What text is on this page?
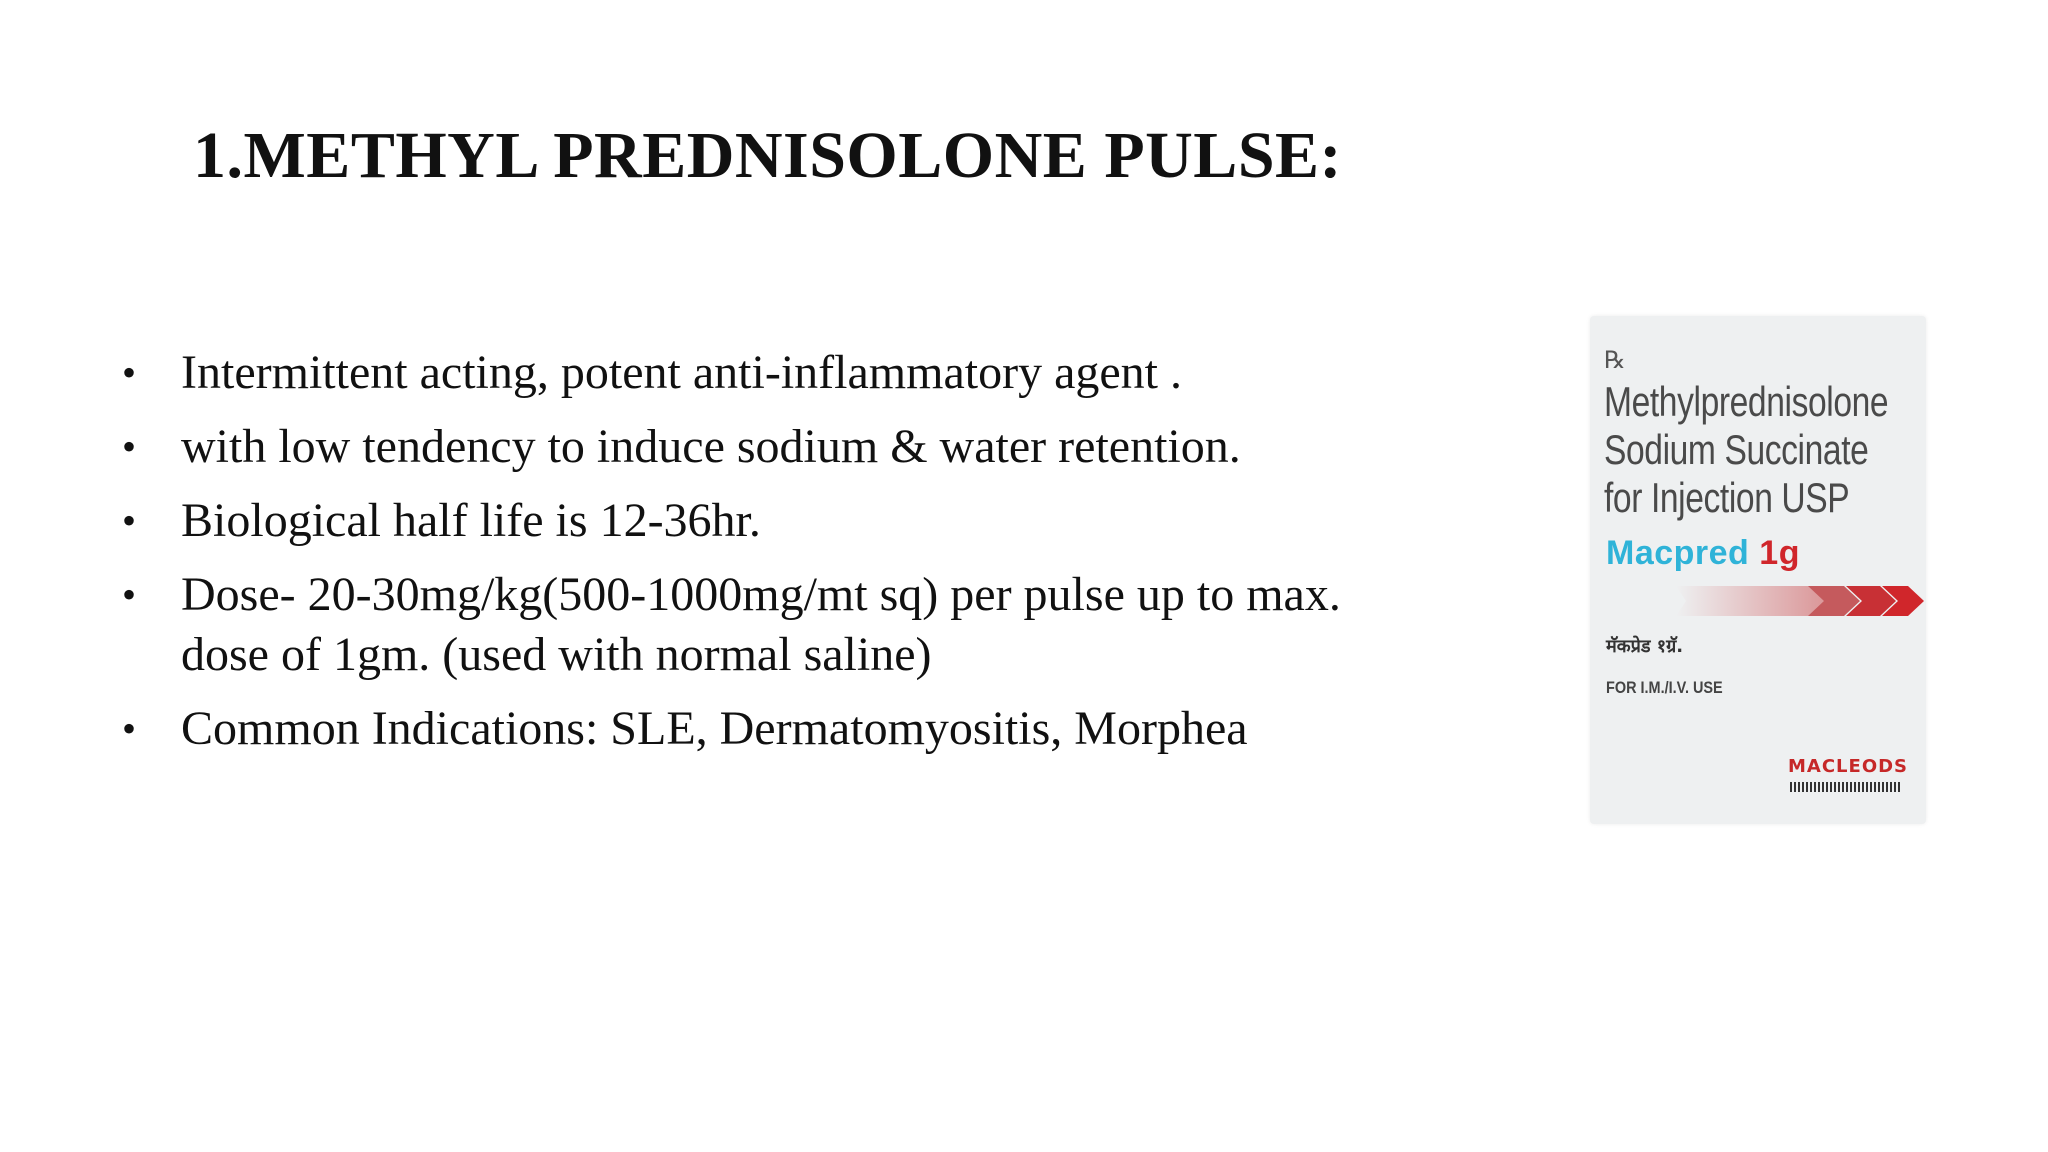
1.METHYL PREDNISOLONE PULSE:
• Intermittent acting, potent anti-inflammatory agent .
• with low tendency to induce sodium & water retention.
• Biological half life is 12-36hr.
• Dose- 20-30mg/kg(500-1000mg/mt sq) per pulse up to max.
dose of 1gm. (used with normal saline)
• Common Indications: SLE, Dermatomyositis, Morphea
℞
Methylprednisolone
Sodium Succinate
for Injection USP
Macpred 1g
मॅकप्रेड १ग्रॅ.
FOR I.M./I.V. USE
MACLEODS
